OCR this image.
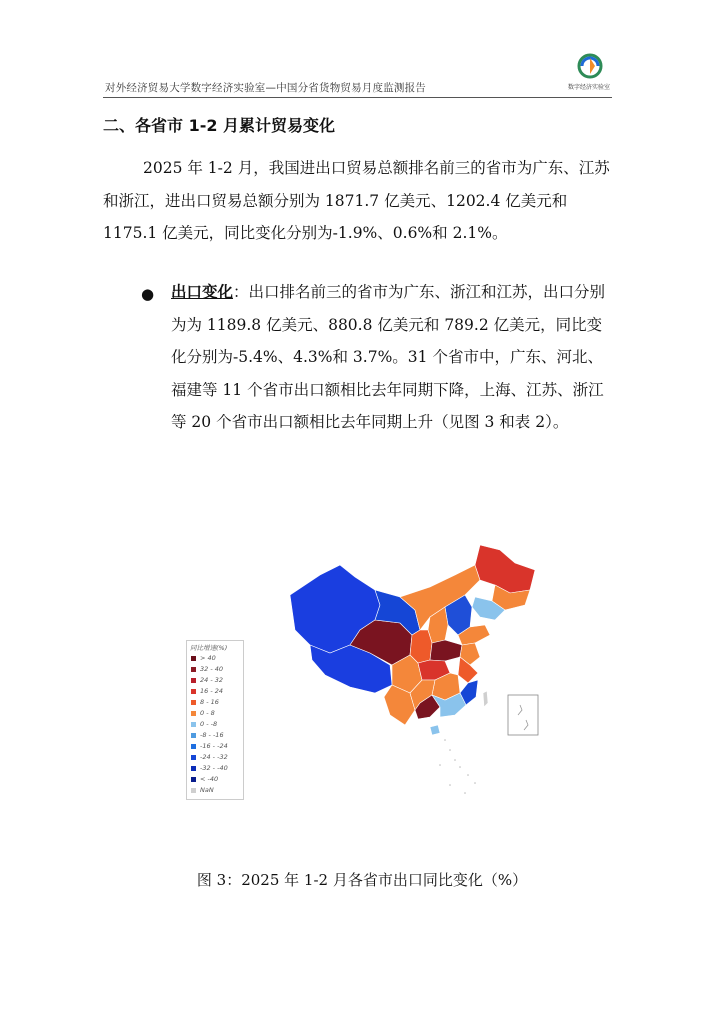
对外经济贸易大学数字经济实验室—中国分省货物贸易月度监测报告	数字经济实验室
二、各省市 1-2 月累计贸易变化
2025 年 1-2 月，我国进出口贸易总额排名前三的省市为广东、江苏和浙江，进出口贸易总额分别为 1871.7 亿美元、1202.4 亿美元和 1175.1 亿美元，同比变化分别为-1.9%、0.6%和 2.1%。
● 出口变化：出口排名前三的省市为广东、浙江和江苏，出口分别为为 1189.8 亿美元、880.8 亿美元和 789.2 亿美元，同比变化分别为-5.4%、4.3%和 3.7%。31 个省市中，广东、河北、福建等 11 个省市出口额相比去年同期下降，上海、江苏、浙江等 20 个省市出口额相比去年同期上升（见图 3 和表 2）。
同比增速(%)
> 40
32 - 40
24 - 32
16 - 24
8 - 16
0 - 8
0 - -8
-8 - -16
-16 - -24
-24 - -32
-32 - -40
< -40
NaN
图 3：2025 年 1-2 月各省市出口同比变化（%）
